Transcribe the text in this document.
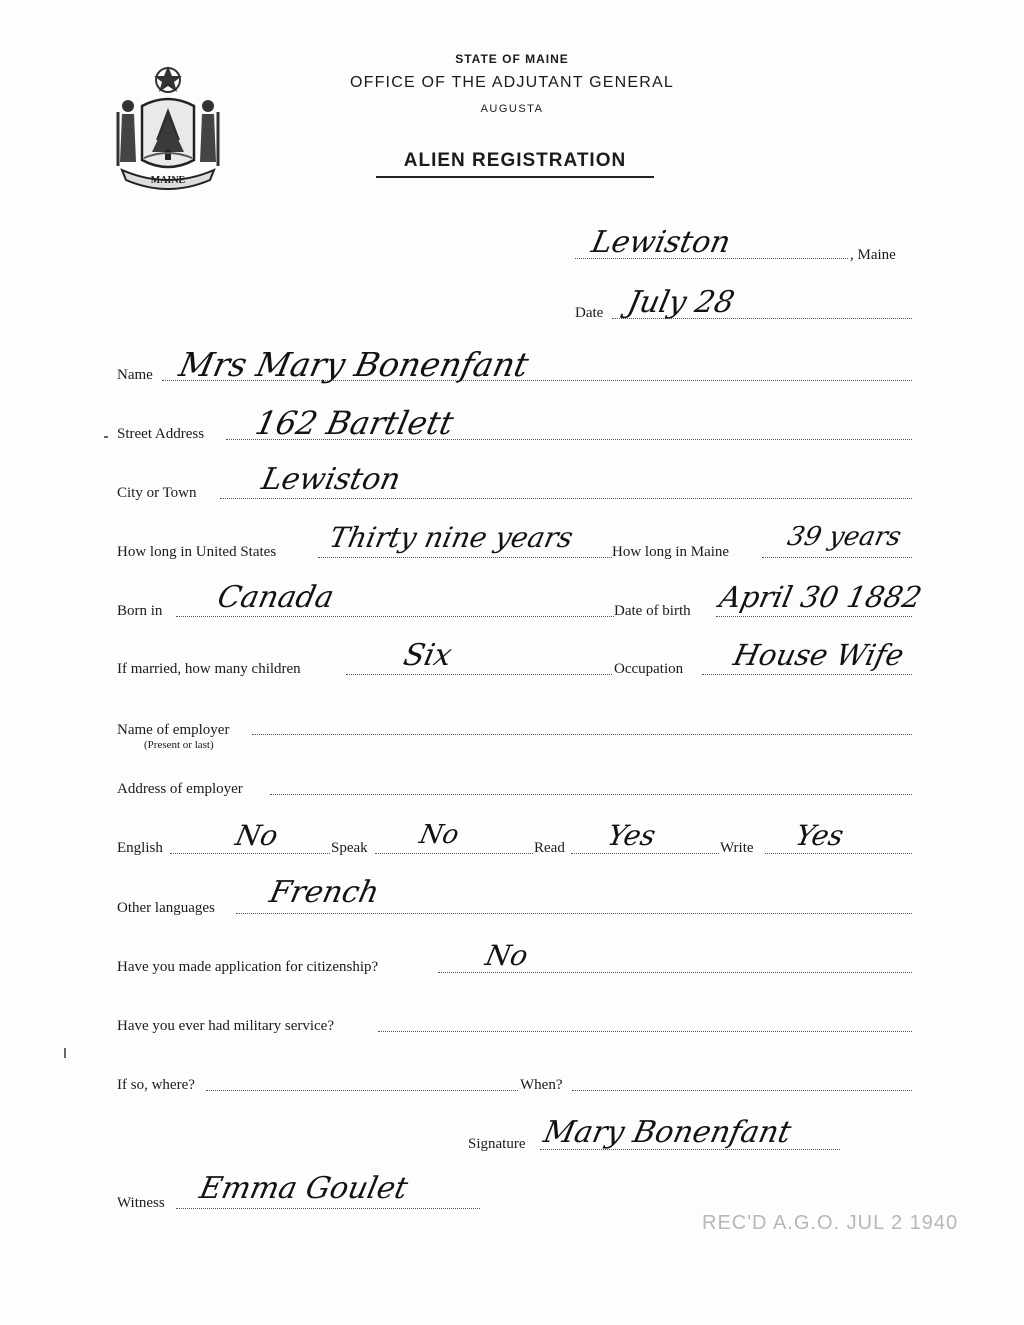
MAINE
STATE OF MAINE
OFFICE OF THE ADJUTANT GENERAL
AUGUSTA
ALIEN REGISTRATION
Lewiston	, Maine
Date July 28
Name Mrs Mary Bonenfant
Street Address 162 Bartlett
City or Town Lewiston
How long in United States Thirty nine years How long in Maine 39 years
Born in Canada	Date of birth April 30 1882
If married, how many children	Six	Occupation House Wife
Name of employer
(Present or last)
Address of employer
English No	Speak No	Read Yes	Write Yes
Other languages French
Have you made application for citizenship?	No
Have you ever had military service?
If so, where?	When?
Signature Mary Bonenfant
Witness Emma Goulet
REC'D A.G.O. JUL 2 1940
